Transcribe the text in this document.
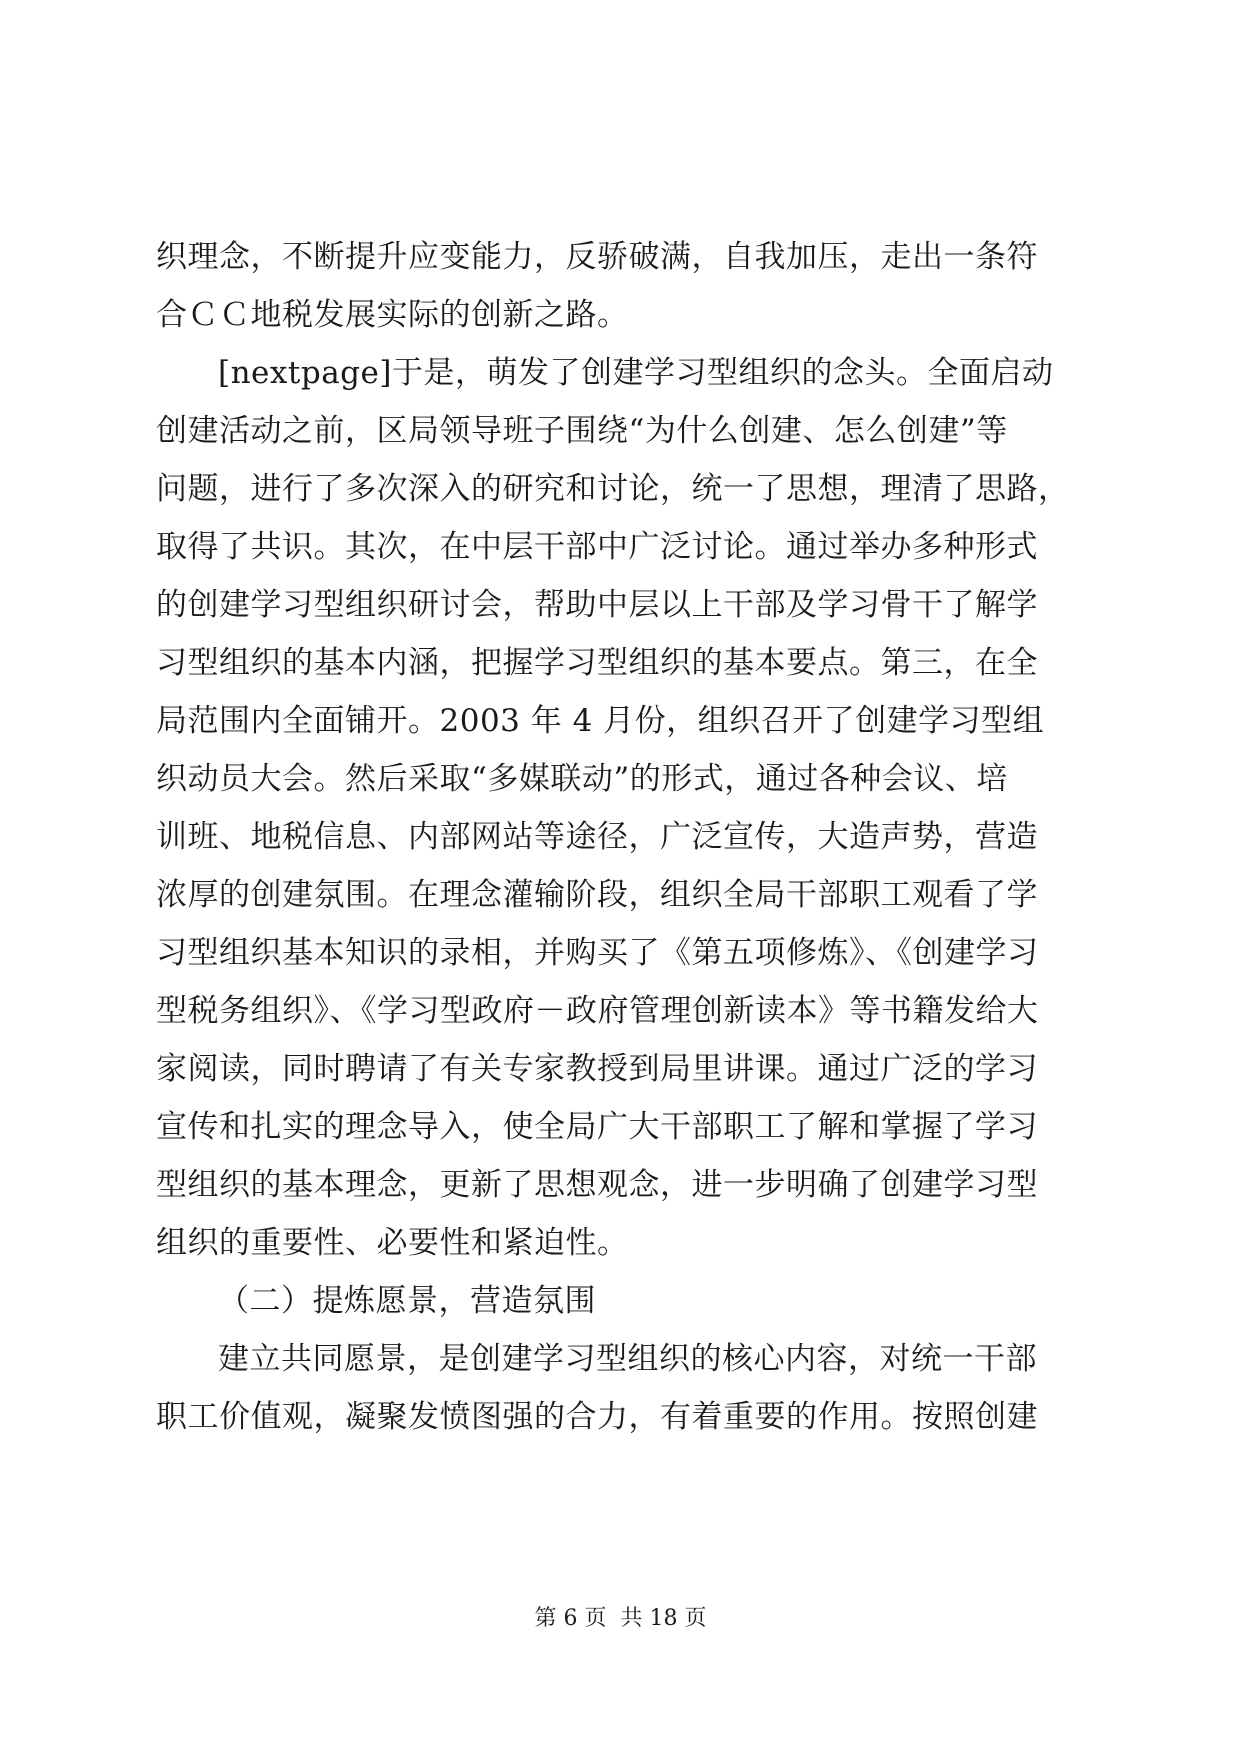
织理念，不断提升应变能力，反骄破满，自我加压，走出一条符
合ＣＣ地税发展实际的创新之路。
[nextpage]于是，萌发了创建学习型组织的念头。全面启动
创建活动之前，区局领导班子围绕“为什么创建、怎么创建”等
问题，进行了多次深入的研究和讨论，统一了思想，理清了思路，
取得了共识。其次，在中层干部中广泛讨论。通过举办多种形式
的创建学习型组织研讨会，帮助中层以上干部及学习骨干了解学
习型组织的基本内涵，把握学习型组织的基本要点。第三，在全
局范围内全面铺开。2003 年 4 月份，组织召开了创建学习型组
织动员大会。然后采取“多媒联动”的形式，通过各种会议、培
训班、地税信息、内部网站等途径，广泛宣传，大造声势，营造
浓厚的创建氛围。在理念灌输阶段，组织全局干部职工观看了学
习型组织基本知识的录相，并购买了《第五项修炼》、《创建学习
型税务组织》、《学习型政府－政府管理创新读本》等书籍发给大
家阅读，同时聘请了有关专家教授到局里讲课。通过广泛的学习
宣传和扎实的理念导入，使全局广大干部职工了解和掌握了学习
型组织的基本理念，更新了思想观念，进一步明确了创建学习型
组织的重要性、必要性和紧迫性。
（二）提炼愿景，营造氛围
建立共同愿景，是创建学习型组织的核心内容，对统一干部
职工价值观，凝聚发愤图强的合力，有着重要的作用。按照创建
第 6 页 共 18 页
